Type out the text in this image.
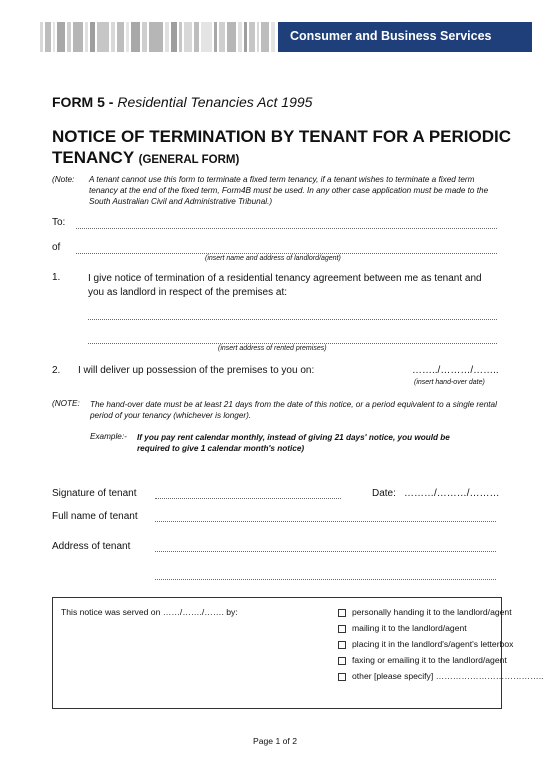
Consumer and Business Services
FORM 5 - Residential Tenancies Act 1995
NOTICE OF TERMINATION BY TENANT FOR A PERIODIC TENANCY (GENERAL FORM)
(Note: A tenant cannot use this form to terminate a fixed term tenancy, if a tenant wishes to terminate a fixed term tenancy at the end of the fixed term, Form4B must be used. In any other case application must be made to the South Australian Civil and Administrative Tribunal.)
To:
of
(insert name and address of landlord/agent)
1.	I give notice of termination of a residential tenancy agreement between me as tenant and you as landlord in respect of the premises at:
(insert address of rented premises)
2. I will deliver up possession of the premises to you on:	……../………/……..
(insert hand-over date)
(NOTE: The hand-over date must be at least 21 days from the date of this notice, or a period equivalent to a single rental period of your tenancy (whichever is longer).
Example:- If you pay rent calendar monthly, instead of giving 21 days' notice, you would be required to give 1 calendar month's notice)
Signature of tenant	Date: ………/………/………
Full name of tenant
Address of tenant
This notice was served on ……/……./……. by:	personally handing it to the landlord/agent
mailing it to the landlord/agent
placing it in the landlord's/agent's letterbox
faxing or emailing it to the landlord/agent
other [please specify] ………………………………..
Page 1 of 2
